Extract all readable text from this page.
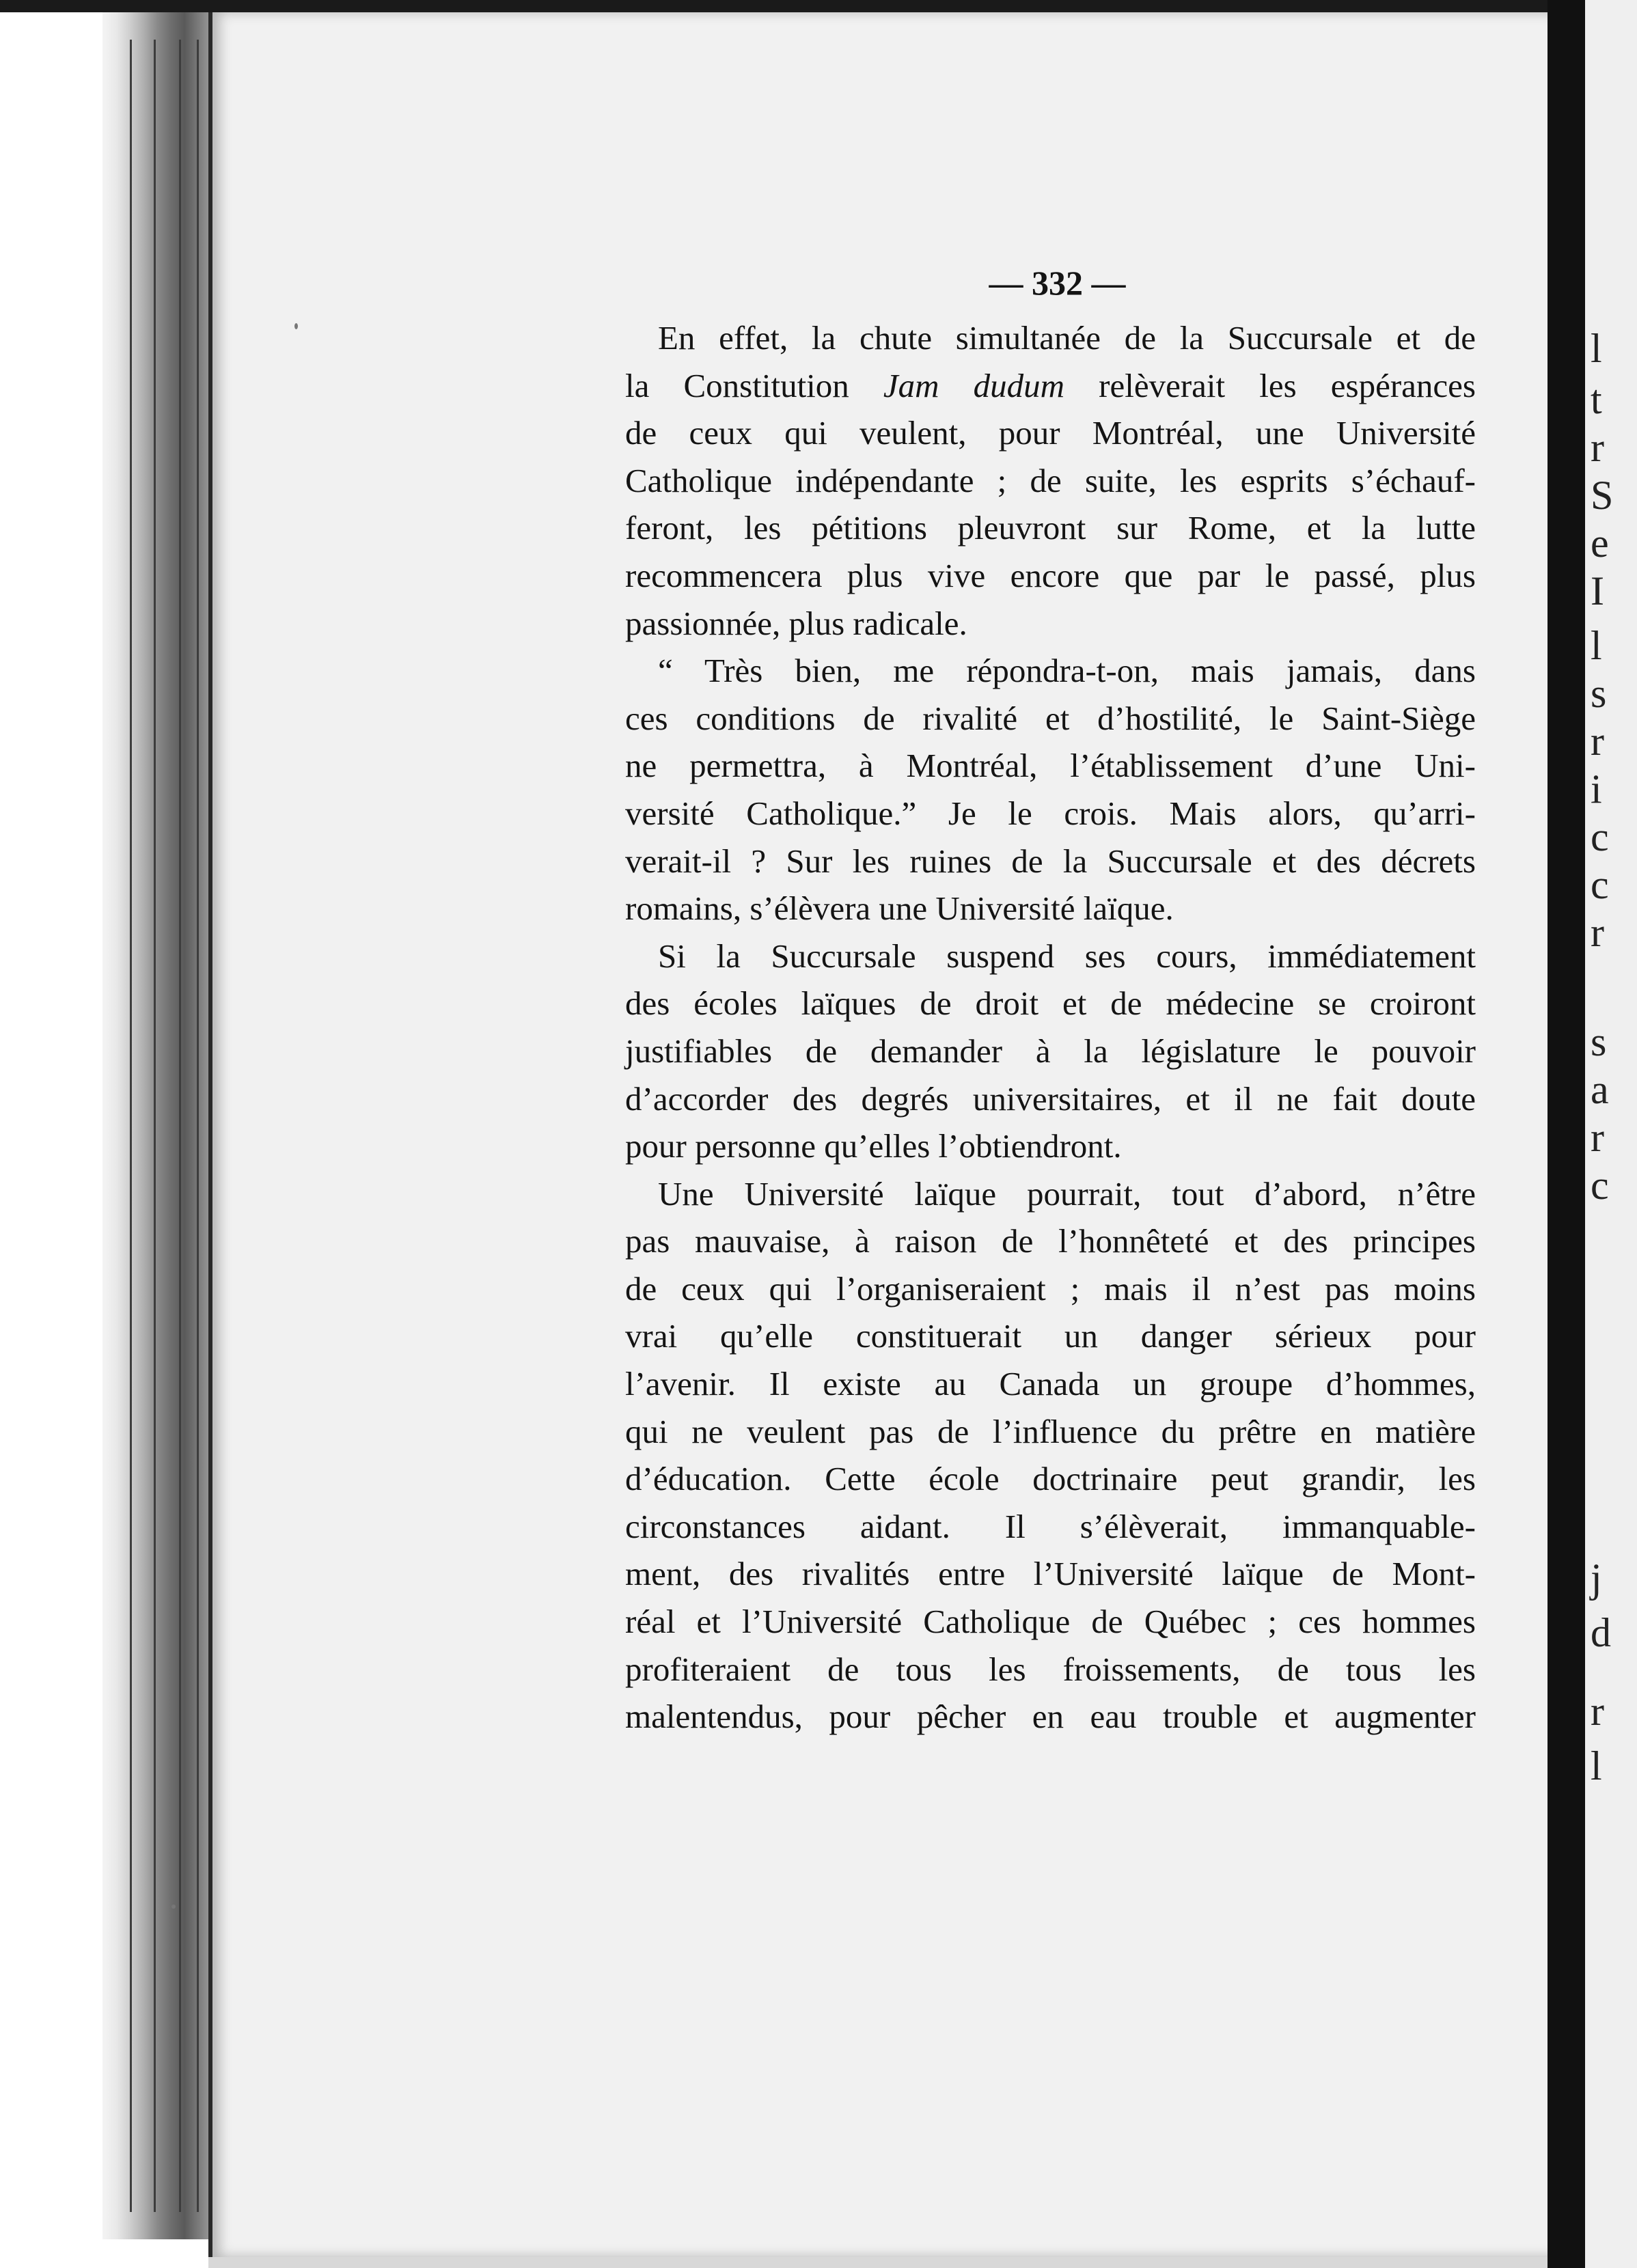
— 332 —
En effet, la chute simultanée de la Succursale et de
la Constitution Jam dudum relèverait les espérances
de ceux qui veulent, pour Montréal, une Université
Catholique indépendante ; de suite, les esprits s’échauf-
feront, les pétitions pleuvront sur Rome, et la lutte
recommencera plus vive encore que par le passé, plus
passionnée, plus radicale.
“ Très bien, me répondra-t-on, mais jamais, dans
ces conditions de rivalité et d’hostilité, le Saint-Siège
ne permettra, à Montréal, l’établissement d’une Uni-
versité Catholique.” Je le crois. Mais alors, qu’arri-
verait-il ? Sur les ruines de la Succursale et des décrets
romains, s’élèvera une Université laïque.
Si la Succursale suspend ses cours, immédiatement
des écoles laïques de droit et de médecine se croiront
justifiables de demander à la législature le pouvoir
d’accorder des degrés universitaires, et il ne fait doute
pour personne qu’elles l’obtiendront.
Une Université laïque pourrait, tout d’abord, n’être
pas mauvaise, à raison de l’honnêteté et des principes
de ceux qui l’organiseraient ; mais il n’est pas moins
vrai qu’elle constituerait un danger sérieux pour
l’avenir. Il existe au Canada un groupe d’hommes,
qui ne veulent pas de l’influence du prêtre en matière
d’éducation. Cette école doctrinaire peut grandir, les
circonstances aidant. Il s’élèverait, immanquable-
ment, des rivalités entre l’Université laïque de Mont-
réal et l’Université Catholique de Québec ; ces hommes
profiteraient de tous les froissements, de tous les
malentendus, pour pêcher en eau trouble et augmenter
l
t
r
S
e
I
l
s
r
i
c
c
r
s
a
r
c
j
d
r
l
